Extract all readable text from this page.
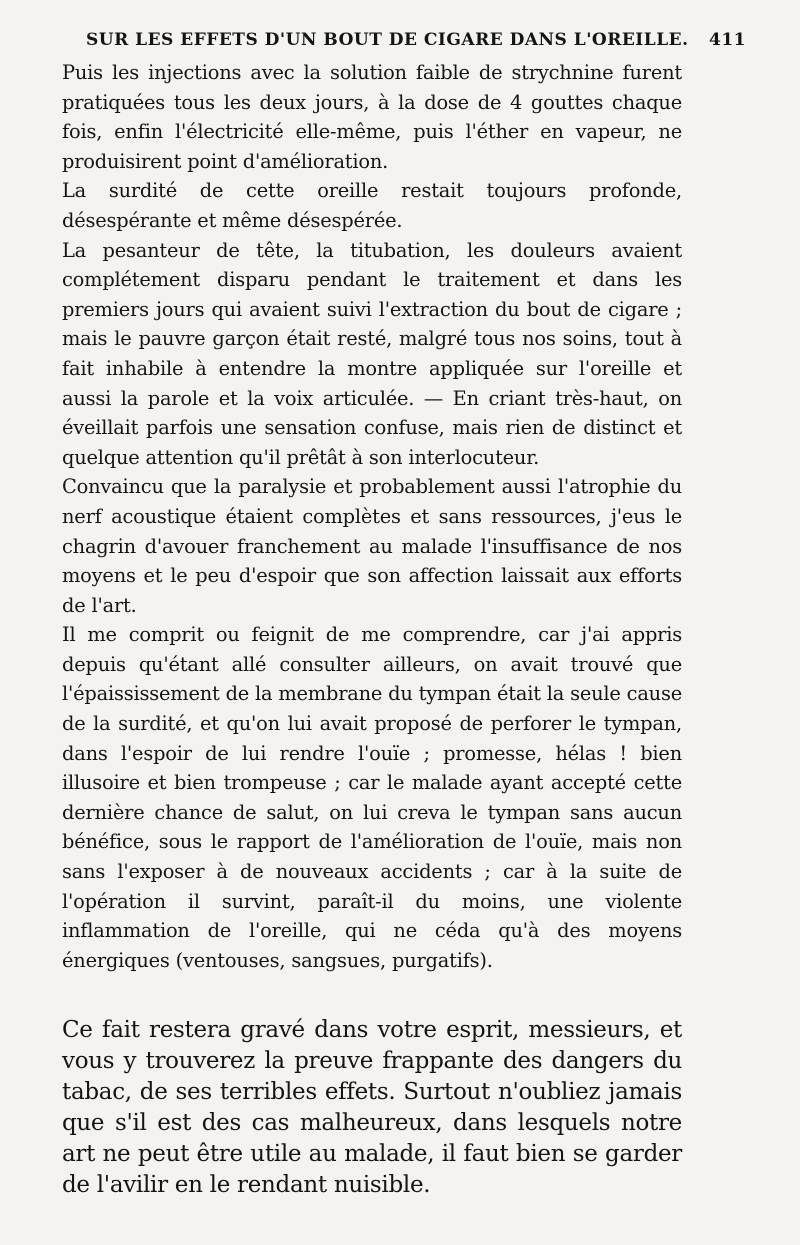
SUR LES EFFETS D'UN BOUT DE CIGARE DANS L'OREILLE. 411

Puis les injections avec la solution faible de strychnine furent pratiquées tous les deux jours, à la dose de 4 gouttes chaque fois, enfin l'électricité elle-même, puis l'éther en vapeur, ne produisirent point d'amélioration.

La surdité de cette oreille restait toujours profonde, désespérante et même désespérée.

La pesanteur de tête, la titubation, les douleurs avaient complétement disparu pendant le traitement et dans les premiers jours qui avaient suivi l'extraction du bout de cigare ; mais le pauvre garçon était resté, malgré tous nos soins, tout à fait inhabile à entendre la montre appliquée sur l'oreille et aussi la parole et la voix articulée. — En criant très-haut, on éveillait parfois une sensation confuse, mais rien de distinct et quelque attention qu'il prêtât à son interlocuteur.

Convaincu que la paralysie et probablement aussi l'atrophie du nerf acoustique étaient complètes et sans ressources, j'eus le chagrin d'avouer franchement au malade l'insuffisance de nos moyens et le peu d'espoir que son affection laissait aux efforts de l'art.

Il me comprit ou feignit de me comprendre, car j'ai appris depuis qu'étant allé consulter ailleurs, on avait trouvé que l'épaississement de la membrane du tympan était la seule cause de la surdité, et qu'on lui avait proposé de perforer le tympan, dans l'espoir de lui rendre l'ouïe ; promesse, hélas ! bien illusoire et bien trompeuse ; car le malade ayant accepté cette dernière chance de salut, on lui creva le tympan sans aucun bénéfice, sous le rapport de l'amélioration de l'ouïe, mais non sans l'exposer à de nouveaux accidents ; car à la suite de l'opération il survint, paraît-il du moins, une violente inflammation de l'oreille, qui ne céda qu'à des moyens énergiques (ventouses, sangsues, purgatifs).

Ce fait restera gravé dans votre esprit, messieurs, et vous y trouverez la preuve frappante des dangers du tabac, de ses terribles effets. Surtout n'oubliez jamais que s'il est des cas malheureux, dans lesquels notre art ne peut être utile au malade, il faut bien se garder de l'avilir en le rendant nuisible.
